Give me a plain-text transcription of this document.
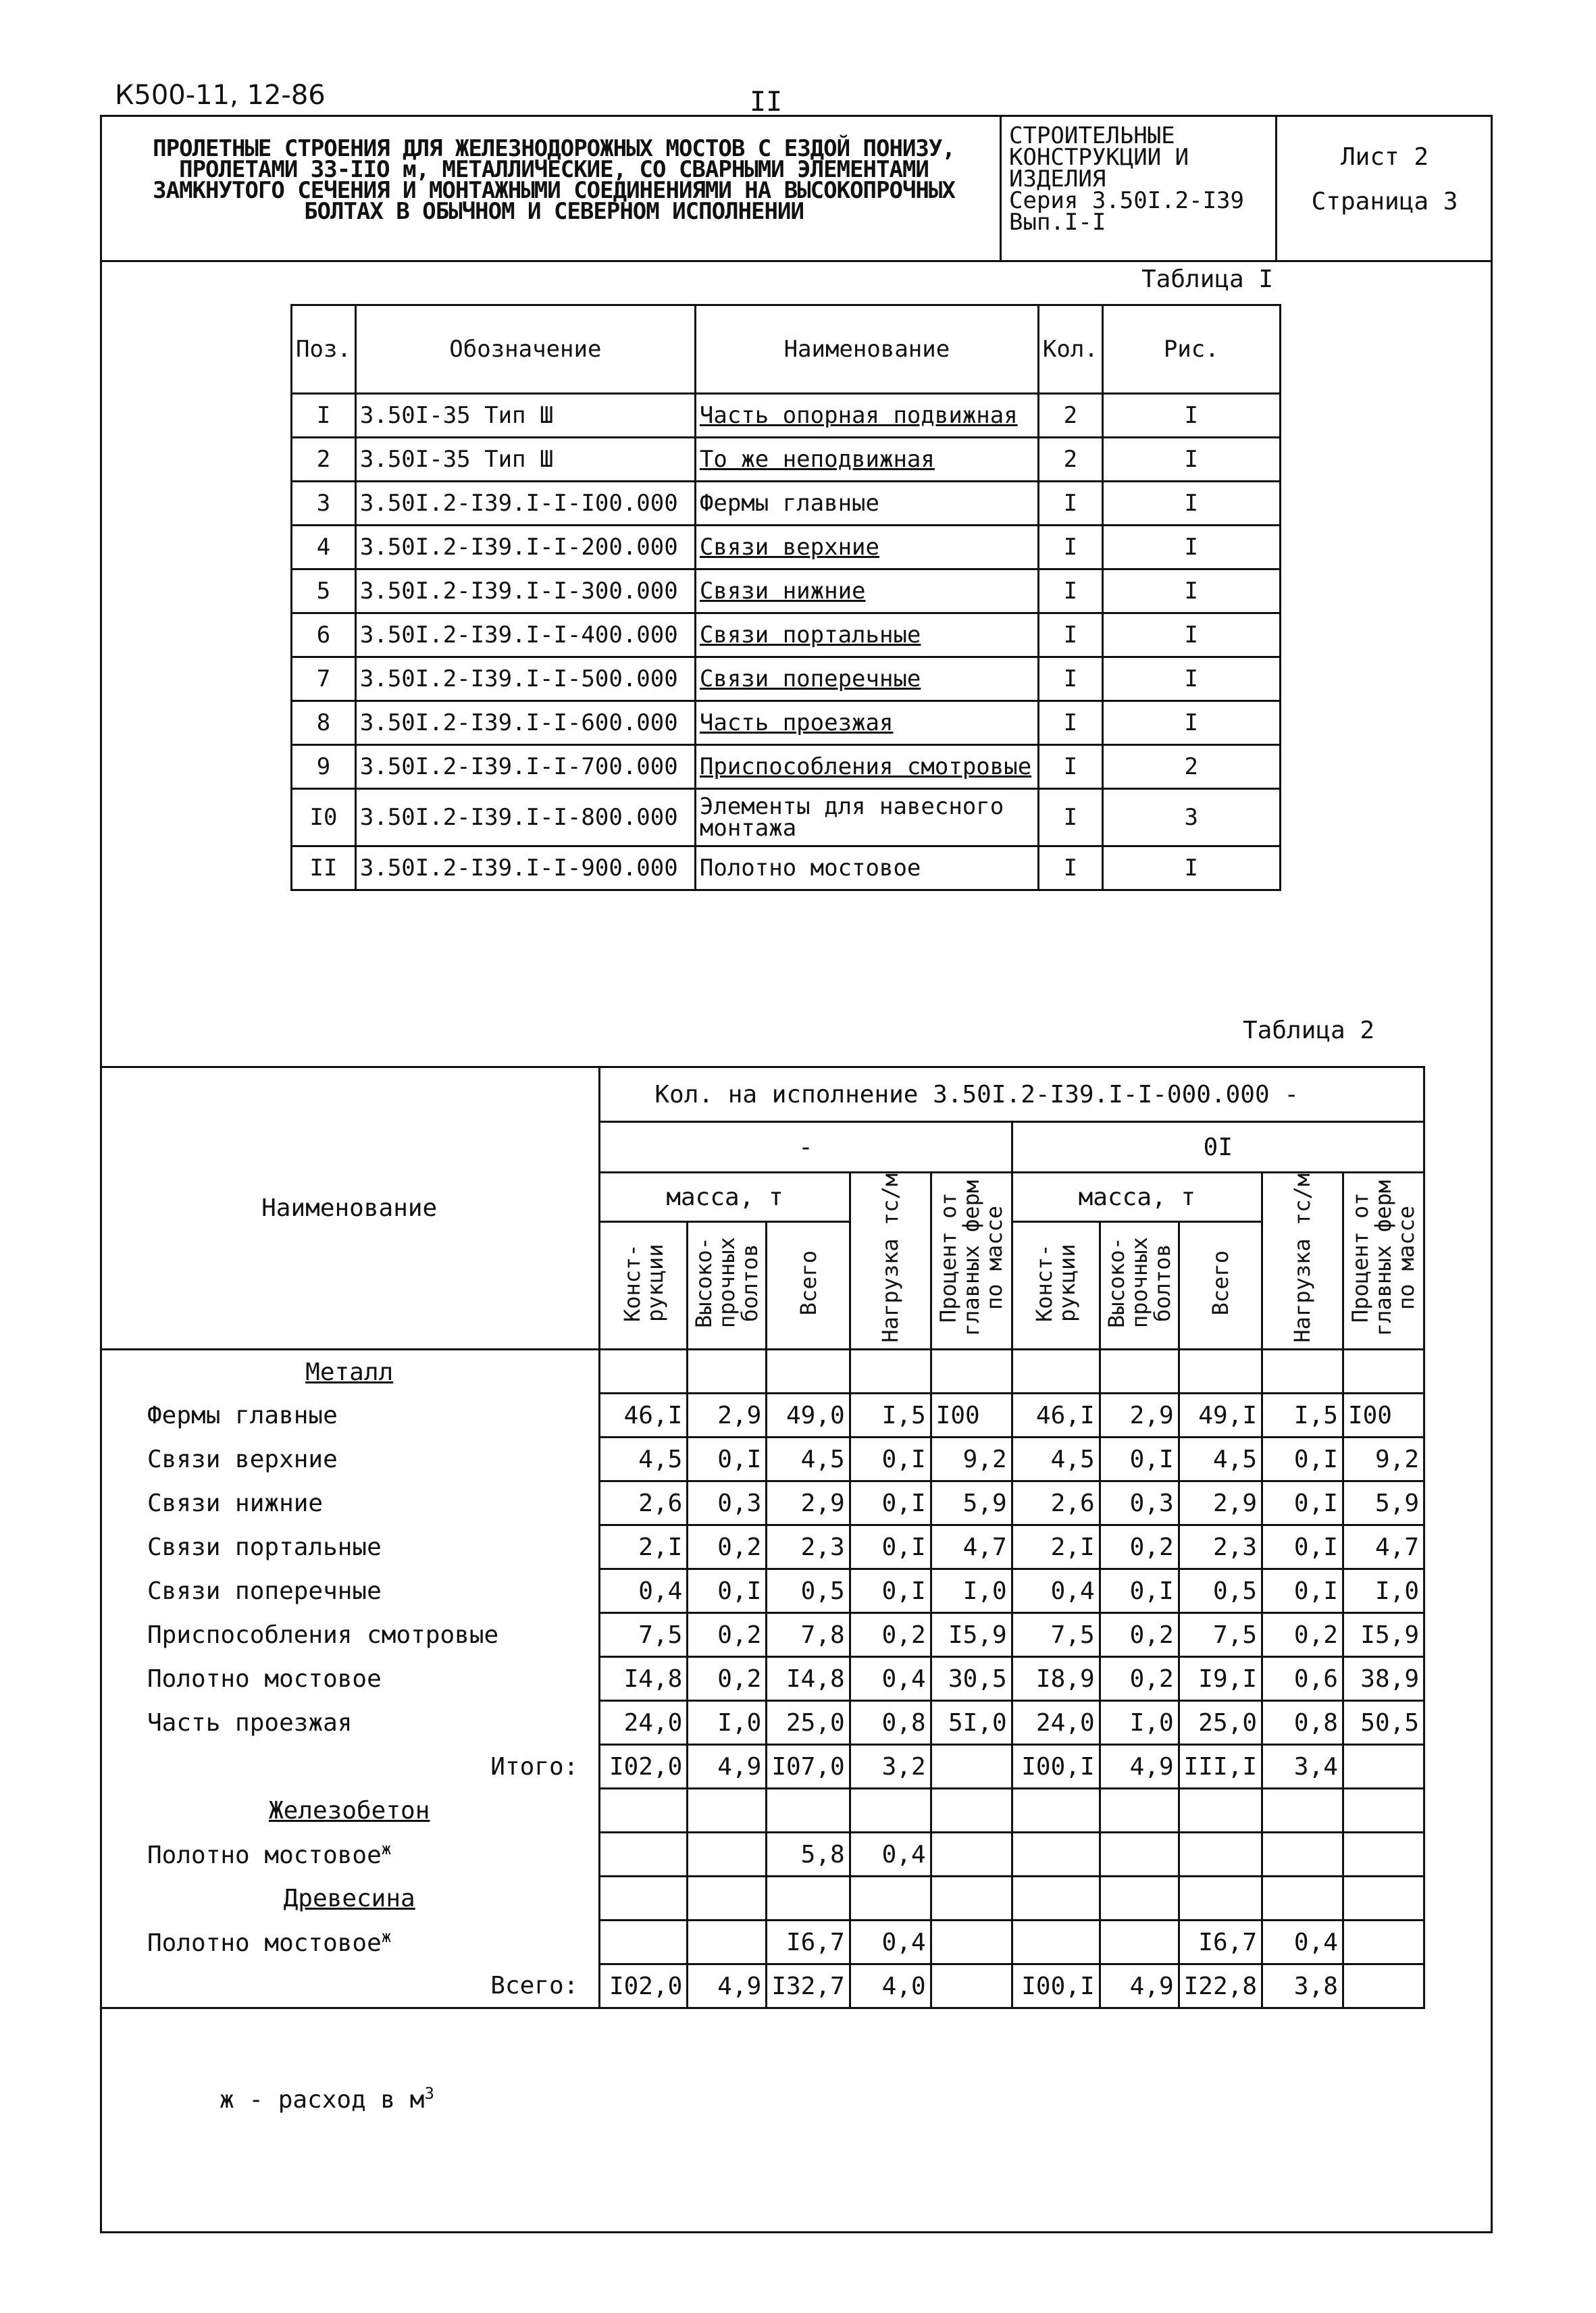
К500-11, 12-86	II
ПРОЛЕТНЫЕ СТРОЕНИЯ ДЛЯ ЖЕЛЕЗНОДОРОЖНЫХ МОСТОВ С ЕЗДОЙ ПОНИЗУ,
ПРОЛЕТАМИ 33-IIO м, МЕТАЛЛИЧЕСКИЕ, СО СВАРНЫМИ ЭЛЕМЕНТАМИ
ЗАМКНУТОГО СЕЧЕНИЯ И МОНТАЖНЫМИ СОЕДИНЕНИЯМИ НА ВЫСОКОПРОЧНЫХ
БОЛТАХ В ОБЫЧНОМ И СЕВЕРНОМ ИСПОЛНЕНИИ
СТРОИТЕЛЬНЫЕ
КОНСТРУКЦИИ И
ИЗДЕЛИЯ
Серия 3.50I.2-I39
Вып.I-I
Лист 2
Страница 3
Таблица I
Поз.	Обозначение	Наименование	Кол.	Рис.
I	3.50I-35 Тип Ш	Часть опорная подвижная	2	I
2	3.50I-35 Тип Ш	То же неподвижная	2	I
3	3.50I.2-I39.I-I-I00.000	Фермы главные	I	I
4	3.50I.2-I39.I-I-200.000	Связи верхние	I	I
5	3.50I.2-I39.I-I-300.000	Связи нижние	I	I
6	3.50I.2-I39.I-I-400.000	Связи портальные	I	I
7	3.50I.2-I39.I-I-500.000	Связи поперечные	I	I
8	3.50I.2-I39.I-I-600.000	Часть проезжая	I	I
9	3.50I.2-I39.I-I-700.000	Приспособления смотровые	I	2
I0	3.50I.2-I39.I-I-800.000	Элементы для навесного монтажа	I	3
II	3.50I.2-I39.I-I-900.000	Полотно мостовое	I	I
Таблица 2
Наименование	Кол. на исполнение 3.50I.2-I39.I-I-000.000 -									
	-					0I				
	масса, т			Нагрузка тс/м	Процент от главных ферм по массе	масса, т			Нагрузка тс/м	Процент от главных ферм по массе
	Конст-рукции	Высоко-прочных болтов	Всего			Конст-рукции	Высоко-прочных болтов	Всего		
Металл										
Фермы главные	46,I	2,9	49,0	I,5	I00	46,I	2,9	49,I	I,5	I00
Связи верхние	4,5	0,I	4,5	0,I	9,2	4,5	0,I	4,5	0,I	9,2
Связи нижние	2,6	0,3	2,9	0,I	5,9	2,6	0,3	2,9	0,I	5,9
Связи портальные	2,I	0,2	2,3	0,I	4,7	2,I	0,2	2,3	0,I	4,7
Связи поперечные	0,4	0,I	0,5	0,I	I,0	0,4	0,I	0,5	0,I	I,0
Приспособления смотровые	7,5	0,2	7,8	0,2	I5,9	7,5	0,2	7,5	0,2	I5,9
Полотно мостовое	I4,8	0,2	I4,8	0,4	30,5	I8,9	0,2	I9,I	0,6	38,9
Часть проезжая	24,0	I,0	25,0	0,8	5I,0	24,0	I,0	25,0	0,8	50,5
Итого:	I02,0	4,9	I07,0	3,2		I00,I	4,9	III,I	3,4	
Железобетон										
Полотно мостовое$^ж$			5,8	0,4						
Древесина										
Полотно мостовое$^ж$			I6,7	0,4				I6,7	0,4	
Всего:	I02,0	4,9	I32,7	4,0		I00,I	4,9	I22,8	3,8	
ж - расход в $м^3$
